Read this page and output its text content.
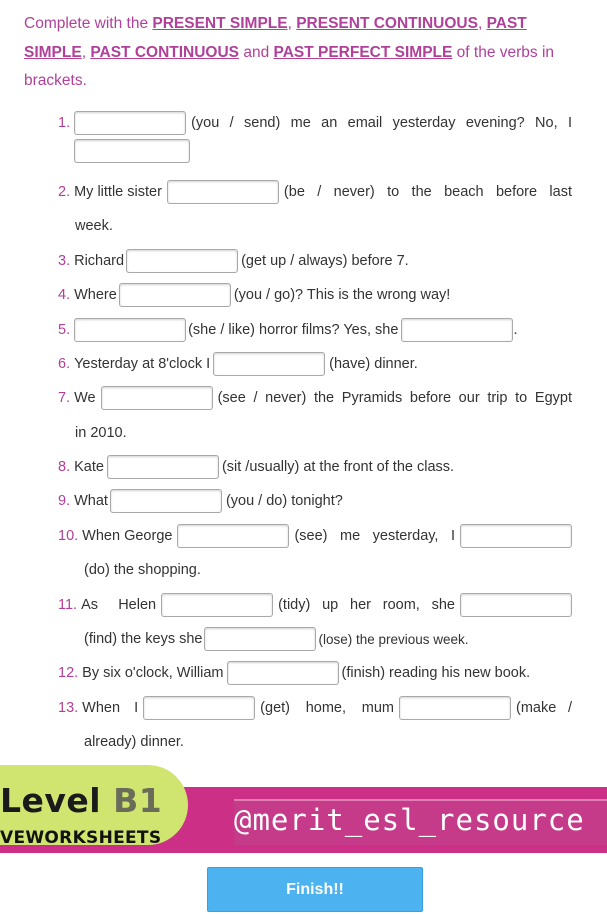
Complete with the PRESENT SIMPLE, PRESENT CONTINUOUS, PAST SIMPLE, PAST CONTINUOUS and PAST PERFECT SIMPLE of the verbs in brackets.
1.	(you / send) me an email yesterday evening? No, I
2. My little sister	(be / never) to the beach before last
week.
3. Richard	(get up / always) before 7.
4. Where	(you / go)? This is the wrong way!
5.	(she / like) horror films? Yes, she	.
6. Yesterday at 8'clock I	(have) dinner.
7. We	(see / never) the Pyramids before our trip to Egypt
in 2010.
8. Kate	(sit /usually) at the front of the class.
9. What	(you / do) tonight?
10. When George	(see) me yesterday, I
(do) the shopping.
11. As Helen	(tidy) up her room, she
(find) the keys she	(lose) the previous week.
12. By six o'clock, William	(finish) reading his new book.
13. When I	(get) home, mum	(make /
already) dinner.
Level B1
VEWORKSHEETS
@merit_esl_resource
Finish!!
